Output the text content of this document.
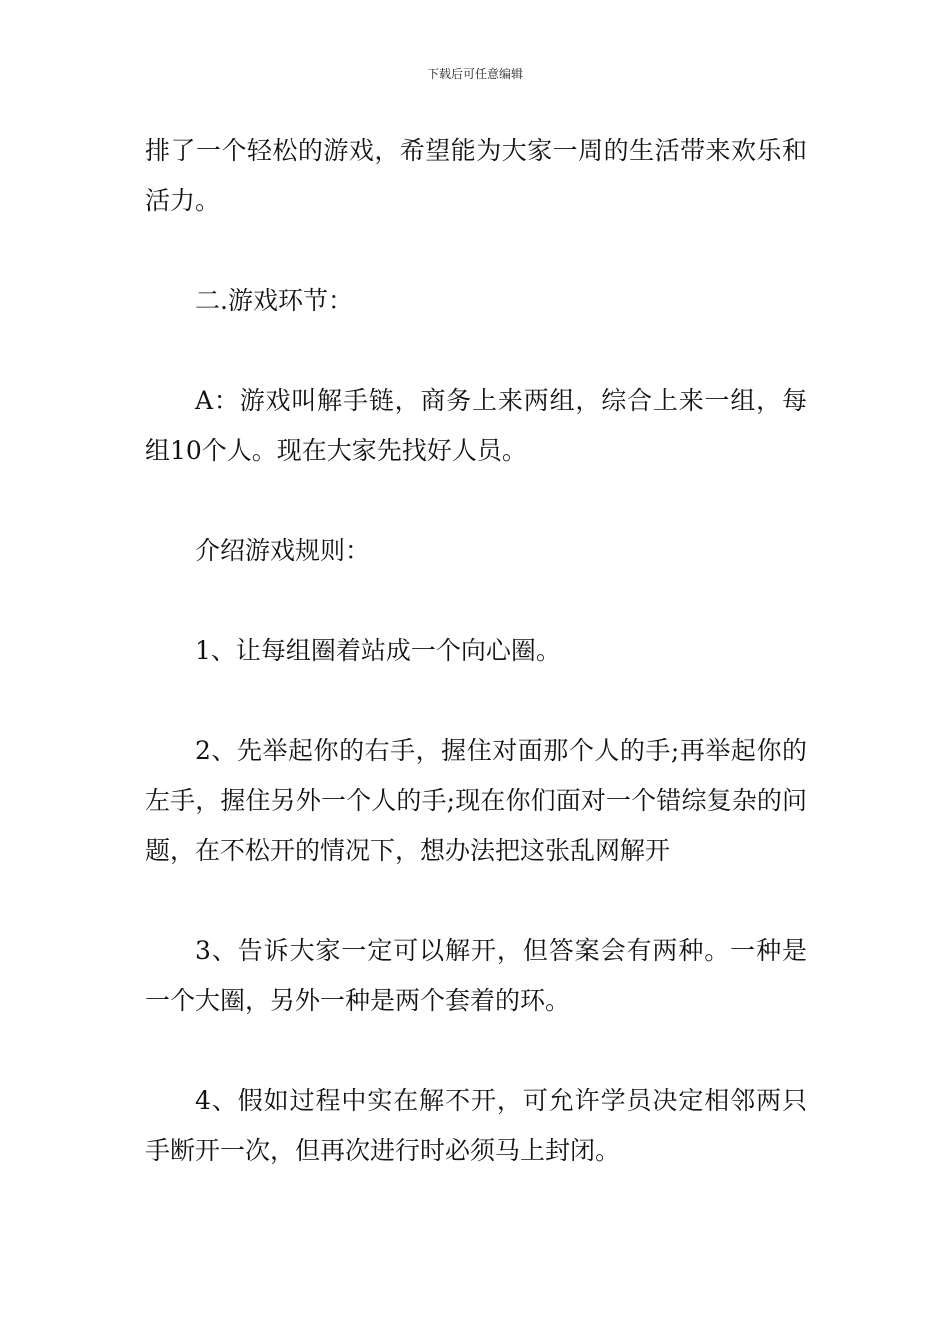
下载后可任意编辑

排了一个轻松的游戏，希望能为大家一周的生活带来欢乐和活力。

二.游戏环节：

A：游戏叫解手链，商务上来两组，综合上来一组，每组10个人。现在大家先找好人员。

介绍游戏规则：

1、让每组圈着站成一个向心圈。

2、先举起你的右手，握住对面那个人的手;再举起你的左手，握住另外一个人的手;现在你们面对一个错综复杂的问题，在不松开的情况下，想办法把这张乱网解开

3、告诉大家一定可以解开，但答案会有两种。一种是一个大圈，另外一种是两个套着的环。

4、假如过程中实在解不开，可允许学员决定相邻两只手断开一次，但再次进行时必须马上封闭。
